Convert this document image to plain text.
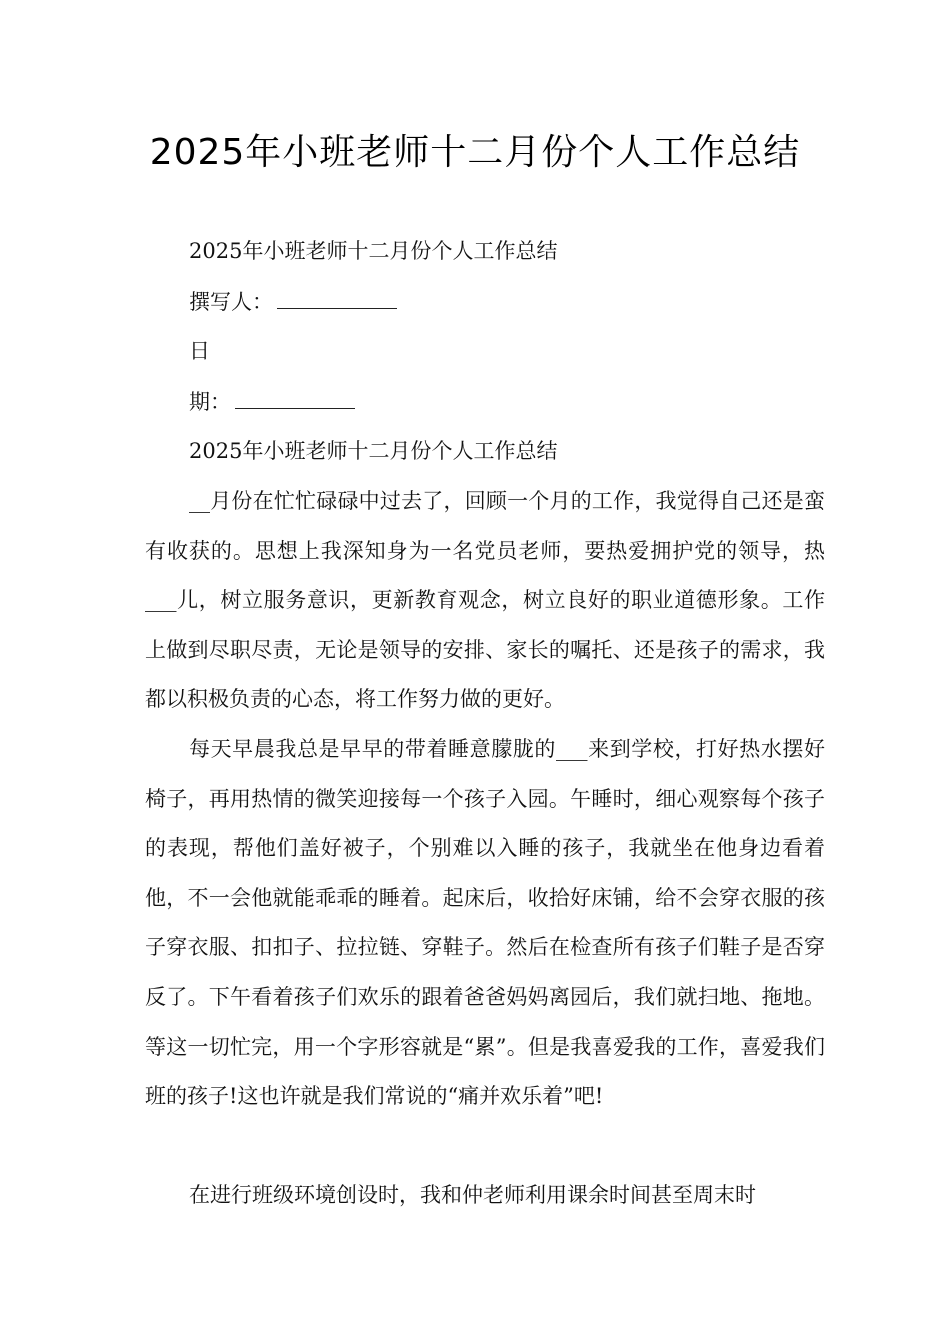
2025年小班老师十二月份个人工作总结
2025年小班老师十二月份个人工作总结
撰写人：
日
期：
2025年小班老师十二月份个人工作总结

__月份在忙忙碌碌中过去了，回顾一个月的工作，我觉得自己还是蛮有收获的。思想上我深知身为一名党员老师，要热爱拥护党的领导，热___儿，树立服务意识，更新教育观念，树立良好的职业道德形象。工作上做到尽职尽责，无论是领导的安排、家长的嘱托、还是孩子的需求，我都以积极负责的心态，将工作努力做的更好。

每天早晨我总是早早的带着睡意朦胧的___来到学校，打好热水摆好椅子，再用热情的微笑迎接每一个孩子入园。午睡时，细心观察每个孩子的表现，帮他们盖好被子，个别难以入睡的孩子，我就坐在他身边看着他，不一会他就能乖乖的睡着。起床后，收拾好床铺，给不会穿衣服的孩子穿衣服、扣扣子、拉拉链、穿鞋子。然后在检查所有孩子们鞋子是否穿反了。下午看着孩子们欢乐的跟着爸爸妈妈离园后，我们就扫地、拖地。等这一切忙完，用一个字形容就是“累”。但是我喜爱我的工作，喜爱我们班的孩子!这也许就是我们常说的“痛并欢乐着”吧!

在进行班级环境创设时，我和仲老师利用课余时间甚至周末时
